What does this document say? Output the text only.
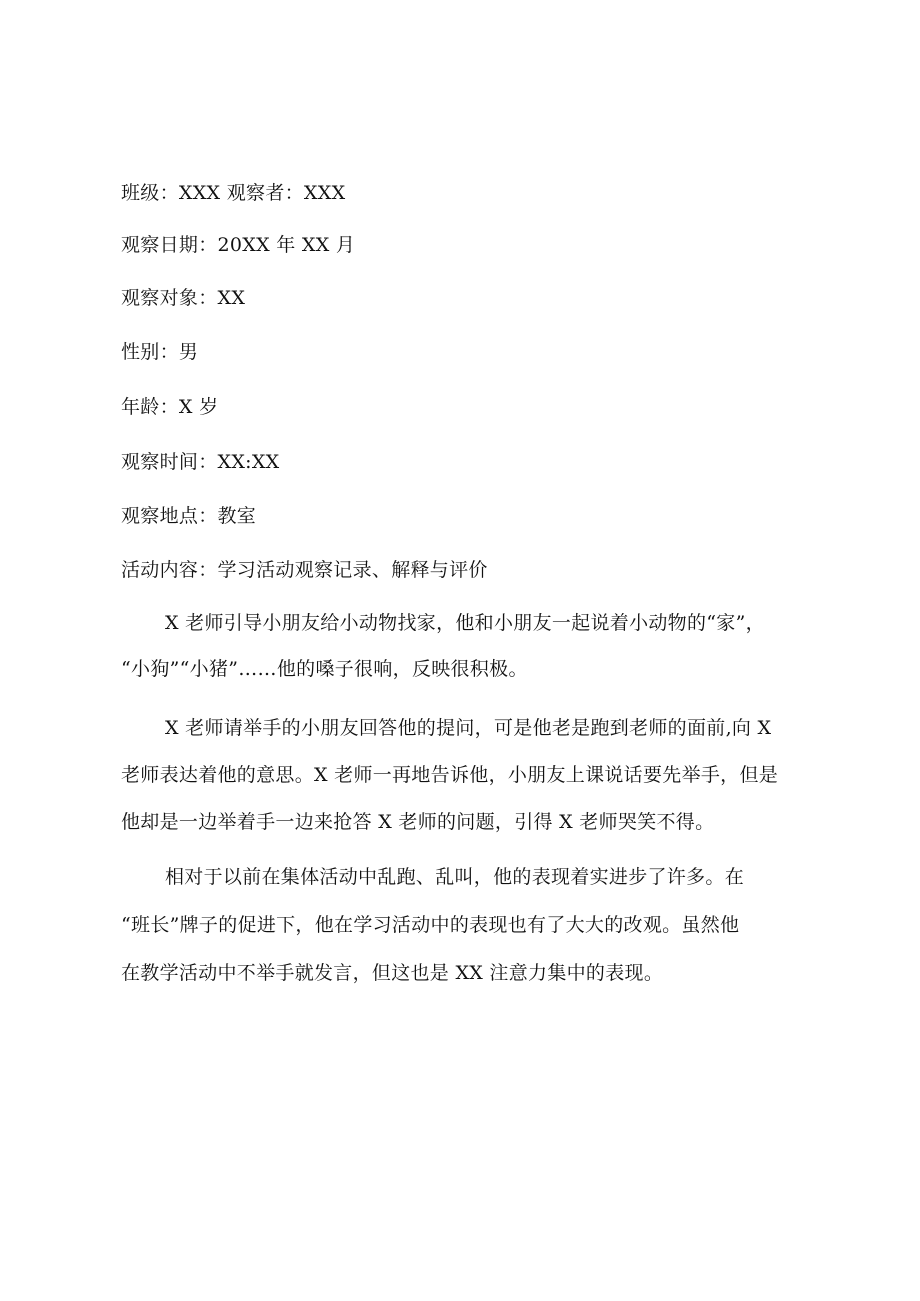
班级：XXX 观察者：XXX
观察日期：20XX 年 XX 月
观察对象：XX
性别：男
年龄：X 岁
观察时间：XX:XX
观察地点：教室
活动内容：学习活动观察记录、解释与评价
X 老师引导小朋友给小动物找家，他和小朋友一起说着小动物的“家”，
“小狗”“小猪”……他的嗓子很响，反映很积极。
X 老师请举手的小朋友回答他的提问，可是他老是跑到老师的面前,向 X
老师表达着他的意思。X 老师一再地告诉他，小朋友上课说话要先举手，但是
他却是一边举着手一边来抢答 X 老师的问题，引得 X 老师哭笑不得。
相对于以前在集体活动中乱跑、乱叫，他的表现着实进步了许多。在
“班长”牌子的促进下，他在学习活动中的表现也有了大大的改观。虽然他
在教学活动中不举手就发言，但这也是 XX 注意力集中的表现。
